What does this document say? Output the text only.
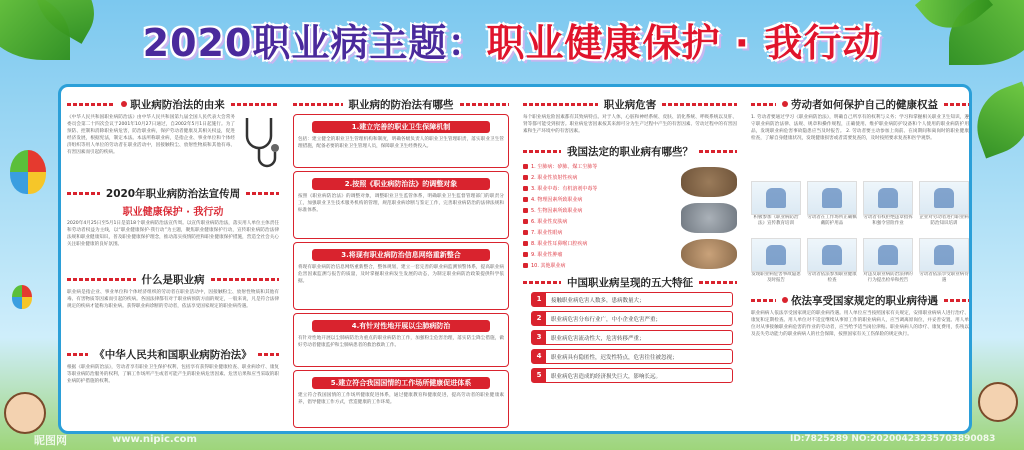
2020职业病主题：职业健康保护 · 我行动
职业病防治法的由来
《中华人民共和国职业病防治法》由中华人民共和国第九届全国人民代表大会常务委员会第二十四次会议于2001年10月27日通过，自2002年5月1日起施行。为了预防、控制和消除职业病危害，防治职业病，保护劳动者健康及其相关权益，促进经济发展，根据宪法，制定本法。本法所称职业病，是指企业、事业单位和个体经济组织等用人单位的劳动者在职业活动中，因接触粉尘、放射性物质和其他有毒、有害因素而引起的疾病。
2020年职业病防治法宣传周
职业健康保护 · 我行动
2020年4月25日至5月1日是第18个职业病防治法宣传周。以宣传职业病防治法，落实用人单位主体责任和劳动者权益为主线，以“职业健康保护·我行动”为主题，聚焦职业健康保护行动，宣传职业病防治法律法规和职业健康知识，普及职业健康保护理念，推动落实疫情防控和职业健康保护措施，营造全社会关心关注职业健康的良好氛围。
什么是职业病
职业病是指企业、事业单位和个体经济组织的劳动者在职业活动中，因接触粉尘、放射性物质和其他有毒、有害物质等因素而引起的疾病。各国法律都有对于职业病预防方面的规定，一般来说，凡是符合法律规定的疾病才能称为职业病。获得职业病诊断的劳动者，依法享受国家规定的职业病待遇。
《中华人民共和国职业病防治法》
根据《职业病防治法》，劳动者享有职业卫生保护权利，包括享有获得职业健康检查、职业病诊疗、康复等职业病防治服务的权利，了解工作场所产生或者可能产生的职业病危害因素、危害后果和应当采取的职业病防护措施的权利。
职业病的防治法有哪些
1.建立完善的职业卫生保障机制
包括：建立健全的职业卫生管理机构和制度，明确各级负责人的职业卫生管理职责，落实职业卫生管理措施，配备必要的职业卫生管理人员，保障职业卫生经费投入。
2.按照《职业病防治法》的调整对象
按照《职业病防治法》的调整对象，调整职业卫生监管体系，明确职业卫生监督管理部门的职责分工，加强职业卫生技术服务机构的管理，规范职业病诊断与鉴定工作，完善职业病防治的法律法规和标准体系。
3.将现有职业病防治信息网络重新整合
将现有职业病防治信息网络重新整合，整体规划，建立一套完善的职业病监测预警体系，提高职业病危害因素监测与报告的质量，及时掌握职业病发生发展的动态，为制定职业病防治政策提供科学依据。
4.有针对性地开展以尘肺病防治
有针对性地开展以尘肺病防治为重点的职业病防治工作，加强粉尘危害治理，落实防尘降尘措施，做好劳动者健康监护和尘肺病患者的救治救助工作。
5.建立符合我国国情的工作场所健康促进体系
建立符合我国国情的工作场所健康促进体系，通过健康教育和健康促进，提高劳动者的职业健康素养，倡导健康工作方式，营造健康的工作环境。
职业病危害
每个职业病危险因素都有其致病特点。对于人体，心脏和神经系统、皮肤、消化系统、呼吸系统以及肝、肾等都可能受到损害。职业病危害因素按其来源可分为生产过程中产生的有害因素、劳动过程中的有害因素和生产环境中的有害因素。
我国法定的职业病有哪些？
1. 尘肺病：矽肺、煤工尘肺等
2. 职业性放射性疾病
3. 职业中毒：有机溶剂中毒等
4. 物理因素所致职业病
5. 生物因素所致职业病
6. 职业性皮肤病
7. 职业性眼病
8. 职业性耳鼻喉口腔疾病
9. 职业性肿瘤
10. 其他职业病
中国职业病呈现的五大特征
1	接触职业病危害人数多，患病数量大；
2	职业病危害分布行业广，中小企业危害严重；
3	职业病危害流动性大，危害转移严重；
4	职业病具有隐匿性，迟发性特点，危害往往被忽视；
5	职业病危害造成的经济损失巨大，影响长远。
劳动者如何保护自己的健康权益
1. 劳动者要通过学习《职业病防治法》，明确自己所享有的权利与义务；学习和掌握相关职业卫生知识，遵守职业病防治法律、法规、规章和操作规程，正确使用、维护职业病防护设备和个人使用的职业病防护用品，发现职业病危害事故隐患应当及时报告。 2. 劳动者要主动参加上岗前、在岗期间和离岗时的职业健康检查，了解自身健康状况，发现健康损害或者需要复查的，及时按照要求复查和医学观察。
积极参加《职业病防治法》宣传教育培训
劳动者在工作场所正确佩戴防护用品
劳动者有权拒绝违章指挥和强令冒险作业
企业对劳动者进行职业病防治知识培训
发现职业病危害事故隐患及时报告
劳动者依法参加职业健康检查
对违反职业病防治法律的行为提出检举和控告
劳动者依法享受职业病待遇
依法享受国家规定的职业病待遇
职业病病人依法享受国家规定的职业病待遇。用人单位应当按照国家有关规定，安排职业病病人进行治疗、康复和定期检查。用人单位对不适宜继续从事原工作的职业病病人，应当调离原岗位，并妥善安置。用人单位对从事接触职业病危害的作业的劳动者，应当给予适当岗位津贴。职业病病人的诊疗、康复费用，伤残以及丧失劳动能力的职业病病人的社会保障，按照国家有关工伤保险的规定执行。
昵图网	www.nipic.com	ID:7825289 NO:20200423235703890083
